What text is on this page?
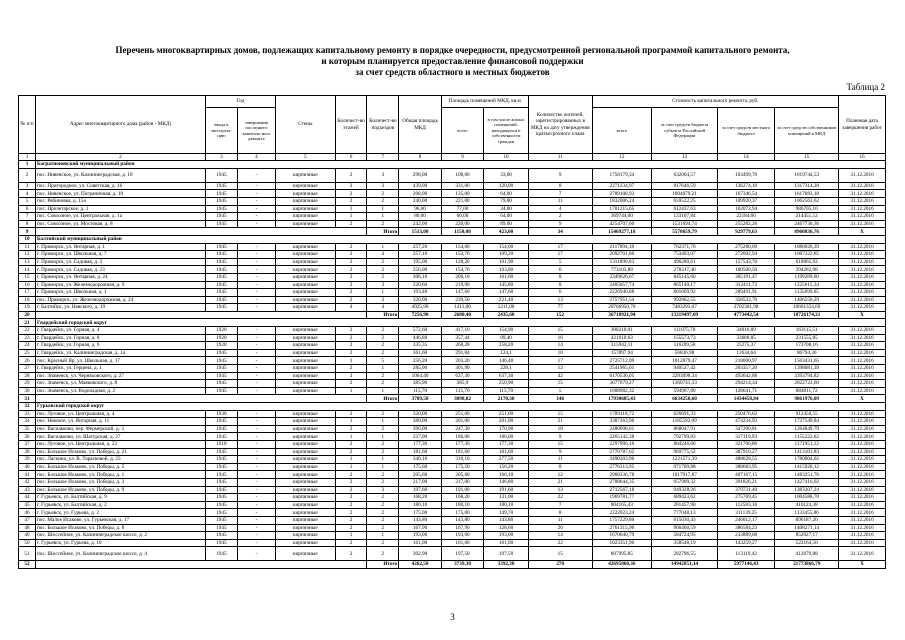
Перечень многоквартирных домов, подлежащих капитальному ремонту в порядке очередности, предусмотренной региональной программой капитального ремонта,
и которым планируется предоставление финансовой поддержки
за счет средств областного и местных бюджетов
Таблица 2
№ п/п	Адрес многоквартирного дома (район - МКД)	Год		Стены	Количест-во этажей	Количест-во подъездов	Общая площадь МКД	Площадь помещений МКД, кв.м		Количество жителей, зарегистрированных в МКД на дату утверждения краткосрочного плана	Стоимость капитального ремонта, руб.				Плановая дата завершения работ
		ввода в эксплуата-цию	завершения последнего капиталь-ного ремонта					всего	в том числе жилых помещений, находящихся в собственности граждан		всего	за счет средств бюджета субъекта Российской Федерации	за счет средств местного бюджета	за счет средств собственников помещений в МКД	
1	2	3	4	5	6	7	8	9	10	11	12	13	14	15	16
1	Багратионовский муниципальный район														
2	пос. Нивенское, ул. Калининградская, д. 18	1945	-	кирпичные	2	3	298,00	108,00	33,00	9	1758179,34	632064,57	103499,70	1019744,53	31.12.2016
3	пос. Пригородное, ул. Советская, д. 16	1945	-	кирпичные	3	3	439,00	331,00	120,00	8	2271234,97	817646,59	136274,10	1317314,28	31.12.2016
4	пос. Нивенское, ул. Пограничная, д. 10	1945	-	кирпичные	2	2	208,00	135,00	64,00	7	2789108,93	1004079,21	167346,54	1617683,18	31.12.2016
5	пос. Рябиновка, д. 15а	1945	-	кирпичные	2	2	240,00	221,00	79,00	11	1832006,24	659522,25	109920,37	1062563,62	31.12.2016
6	пос. Пролетарское, д. 1	1945	-	кирпичные	1	1	96,00	77,00	34,00	4	1701215,65	612437,63	102072,94	986705,10	31.12.2016
7	пос. Совхозное, ул. Центральная, д. 1а	1945	-	кирпичные	1	1	80,00	60,00	64,00	2	369744,00	133107,84	22184,66	214451,52	31.12.2016
8	пос. Совхозное, ул. Мостовая, д. 8	1945	-	кирпичные	2	2	242,00	220,00	89,00	9	4254707,60	1531694,74	255282,26	2467730,36	31.12.2016
9						Итого	1513,00	1150,00	423,00	34	15469277,18	5578659,79	929779,63	8960836,76	Х
10	Балтийский муниципальный район														
11	г. Приморск, ул. Янтарная, д. 1	1945	-	кирпичные	2	1	257,20	154,00	154,00	17	2117094,18	762371,70	275280,69	1080026,39	31.12.2016
12	г. Приморск, ул. Школьная, д. 7	1945	-	кирпичные	2	4	257,10	152,70	109,20	17	2092701,86	753403,07	272092,94	1067322,85	31.12.2016
13	г. Приморск, ул. Садовая, д. 3	1945	-	кирпичные	2	2	195,00	128,20	101,90	5	1311890,03	496280,61	157543,70	618065,92	31.12.2016
14	г. Приморск, ул. Садовая, д. 23	1945	-	кирпичные	2	2	256,00	154,70	103,80	6	773103,88	278317,40	100500,50	394282,98	31.12.2016
15	г. Приморск, ул. Янтарная, д. 24	1945	-	кирпичные	2	2	306,10	206,10	161,60	8	2349626,67	845145,60	305191,47	1199289,60	31.12.2016
16	г. Приморск, ул. Железнодорожная, д. 9	1945	-	кирпичные	2	3	220,60	219,90	145,80	8	2405057,74	865140,17	312411,73	1225615,34	31.12.2016
17	г. Приморск, ул. Школьная, д. 1	1945	-	кирпичные	2	1	193,40	147,60	147,60	6	2226940,88	801669,92	289491,91	1135699,05	31.12.2016
18	пос. Приморск, ул. Железнодорожная, д. 24	1945	-	кирпичные	2	3	320,00	239,50	221,40	13	2757951,54	992862,55	358532,70	1406556,29	31.12.2016
19	г. Балтийск, ул. Невского, д. 19	1945	-	кирпичные	4	4	4925,90	1211,00	1211,00	77	20766950,76	7483293,07	2702301,98	10601354,69	31.12.2016
20						Итого	7256,90	2680,40	2435,60	152	36718921,94	13219497,09	4773442,54	18726174,21	Х
21	Гвардейский городской округ														
22	г. Гвардейск, ул. Горная, д. 4	1920	-	кирпичные	2	2	572,60	417,10	154,90	15	308210,01	111075,70	34016,89	163115,51	31.12.2016
23	г. Гвардейск, ул. Горная, д. 8	1920	-	кирпичные	2	2	446,80	357,44	89,40	16	421010,63	155573,73	33680,85	231555,85	31.12.2016
24	г. Гвардейск, ул. Горная, д. 6	1920	-	кирпичные	2	2	335,35	268,28	258,20	14	315942,11	116209,58	25275,37	173708,16	31.12.2016
25	г. Гвардейск, ул. Калининградская, д. 1а	1945	-	кирпичные	2	2	361,60	291,84	124,1	10	157897,94	56836,98	12634,64	86794,36	31.12.2016
26	пос. Красный Яр, ул. Школьная, д. 17	1945	-	кирпичные	1	5	256,20	203,20	146,40	17	2725712,09	1012879,47	218000,97	1503431,65	31.12.2016
27	г. Гвардейск, ул. Герцена, д. 1	1945	-	кирпичные	2	1	285,00	301,90	228,1	12	2541965,01	940527,42	203357,20	1398081,39	31.12.2016
28	пос. Знаменск, ул. Черняховского, д. 27	1945	-	кирпичные	3	2	1064,40	637,30	637,30	42	6170536,05	2283098,34	493642,88	3393794,82	31.12.2016
29	пос. Знаменск, ул. Маяковского, д. 8	1945	-	кирпичные	2	2	385,90	385,9	250,90	15	3677679,27	1360741,33	294214,34	2022723,60	31.12.2016
30	пос. Знаменск, ул. Водопадная, д. 2	1945	-	кирпичные	1	1	115,70	115,70	115,70	5	1608982,32	594967,80	128641,71	884811,72	31.12.2016
31						Итого	3789,50	3098,82	2170,30	146	17930685,43	6634250,60	1434458,84	9861976,09	Х
32	Гурьевский городской округ														
33	пос. Луговое, ул. Центральная, д. 4	1930	-	кирпичные	2	2	320,00	251,00	251,00	15	1789118,72	626691,33	250476,62	912450,55	31.12.2016
34	пос. Невское, ул. Янтарная, д. 11	1945	-	кирпичные	1	1	380,00	201,00	201,00	21	3387263,96	1185592,09	474234,93	1727549,84	31.12.2016
35	пос. Васильково, пер. Фермерский, д. 3	1945	-	кирпичные	2	2	396,00	247,30	170,90	18	2480098,61	868047,91	347200,81	1264849,79	31.12.2016
36	пос. Васильково, ул. Шатурская, д. 27	1945	-	кирпичные	1	1	237,00	186,00	186,00	9	2265142,38	792799,83	317119,93	1155222,62	31.12.2016
37	пос. Луговое, ул. Центральная, д. 23	1918	-	кирпичные	2	2	177,30	177,30	177,30	15	2297906,16	804246,66	321706,86	1171951,12	31.12.2016
38	пос. Большое Исаково, ул. Победы, д. 21	1945	-	кирпичные	2	2	181,60	181,60	181,60	9	2770787,62	969775,52	387910,27	1413101,83	31.12.2016
39	пос. Ласкино, ул. В. Тарасковой, д. 23	1945	-	кирпичные	1	1	340,10	310,10	277,50	11	3490203,96	1221571,39	488628,55	1780004,02	31.12.2016
40	пос. Большое Исаково, ул. Победы, д. 5	1945	-	кирпичные	1	1	175,60	175,50	156,20	8	2776313,95	971709,88	388683,95	1415920,12	31.12.2016
41	пос. Большое Исаково, ул. Победы, д. 1	1945	-	кирпичные	2	2	205,60	205,60	166,10	12	2908336,78	1017917,87	407167,15	1483251,76	31.12.2016
42	пос. Большое Исаково, ул. Победы, д. 3	1945	-	кирпичные	2	2	217,00	217,00	146,80	21	2708644,35	957909,32	391826,21	1427416,02	31.12.2016
43	пос. Большое Исаково, ул. Победы, д. 9	1945	-	кирпичные	2	3	197,60	191,00	191,60	13	2712567,18	949328,26	379731,40	1383307,24	31.12.2016
44	г. Гурьевск, ул. Балтийская, д. 9	1945	-	кирпичные	2	2	168,20	168,20	131,00	22	1969781,77	689423,62	275769,45	1004588,70	31.12.2016
45	г. Гурьевск, ул. Балтийская, д. 2	1945	-	кирпичные	2	2	180,10	180,10	180,10	7	804165,43	281457,90	112583,16	410124,38	31.12.2016
46	г. Гурьевск, ул. Гурьева, д. 2	1945	-	кирпичные	2	2	175,00	175,00	149,70	8	2222023,24	777048,13	311139,25	1133455,86	31.12.2016
47	пос. Малое Исаково, ул. Гурьевская, д. 17	1945	-	кирпичные	2	2	143,80	143,80	143,80	11	1757229,80	615030,43	246012,17	896187,20	31.12.2016
48	пос. Большое Исаково, ул. Победы, д. 8	1945	-	кирпичные	2	2	167,90	167,90	128,60	20	2761315,96	966460,59	386584,23	1408271,14	31.12.2016
49	пос. Шоссейное, ул. Калининградское шоссе, д. 2	1945	-	кирпичные	1	1	193,00	193,00	193,00	14	1670640,79	584724,95	233889,08	852027,17	31.12.2016
50	г. Гурьевск, ул. Гурьева, д. 10	1945	-	кирпичные	2	2	161,00	161,00	161,00	22	1023351,96	358548,19	143259,27	522164,50	31.12.2016
51	пос. Шоссейное, ул. Калининградское шоссе, д. 4	1945	-	кирпичные	2	2	302,90	197,50	197,50	15	807995,85	282796,55	113119,42	412079,88	31.12.2016
52						Итого	4262,50	3739,30	3392,30	270	42695860,36	14942851,14	5977146,43	21773866,79	Х
3
